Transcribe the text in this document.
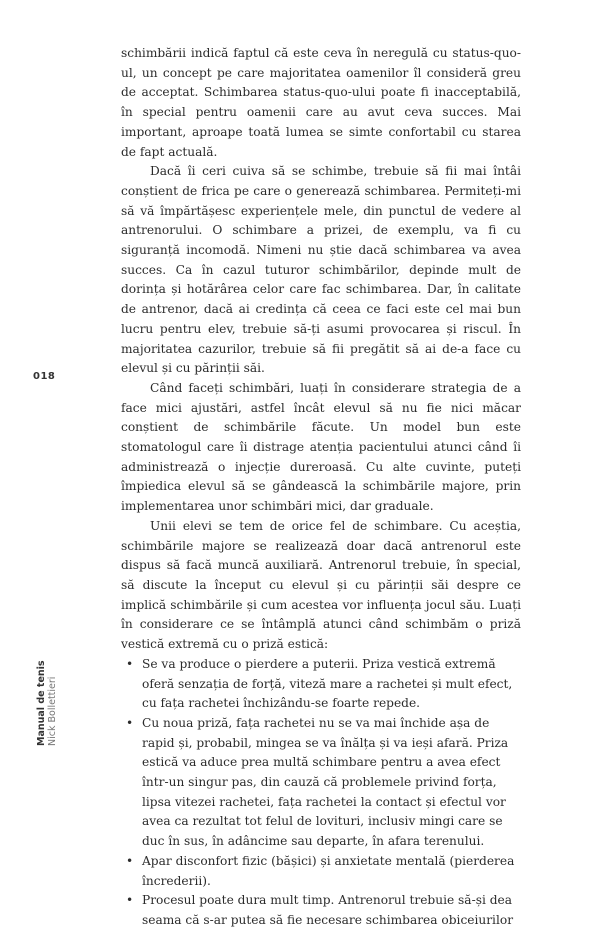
018
Manual de tenis Nick Bollettieri

schimbării indică faptul că este ceva în neregulă cu status-quo-ul, un concept pe care majoritatea oamenilor îl consideră greu de acceptat. Schimbarea status-quo-ului poate fi inacceptabilă, în special pentru oamenii care au avut ceva succes. Mai important, aproape toată lumea se simte confortabil cu starea de fapt actuală.

Dacă îi ceri cuiva să se schimbe, trebuie să fii mai întâi conștient de frica pe care o generează schimbarea. Permiteți-mi să vă împărtășesc experiențele mele, din punctul de vedere al antrenorului. O schimbare a prizei, de exemplu, va fi cu siguranță incomodă. Nimeni nu știe dacă schimbarea va avea succes. Ca în cazul tuturor schimbărilor, depinde mult de dorința și hotărârea celor care fac schimbarea. Dar, în calitate de antrenor, dacă ai credința că ceea ce faci este cel mai bun lucru pentru elev, trebuie să-ți asumi provocarea și riscul. În majoritatea cazurilor, trebuie să fii pregătit să ai de-a face cu elevul și cu părinții săi.

Când faceți schimbări, luați în considerare strategia de a face mici ajustări, astfel încât elevul să nu fie nici măcar conștient de schimbările făcute. Un model bun este stomatologul care îi distrage atenția pacientului atunci când îi administrează o injecție dureroasă. Cu alte cuvinte, puteți împiedica elevul să se gândească la schimbările majore, prin implementarea unor schimbări mici, dar graduale.

Unii elevi se tem de orice fel de schimbare. Cu aceștia, schimbările majore se realizează doar dacă antrenorul este dispus să facă muncă auxiliară. Antrenorul trebuie, în special, să discute la început cu elevul și cu părinții săi despre ce implică schimbările și cum acestea vor influența jocul său. Luați în considerare ce se întâmplă atunci când schimbăm o priză vestică extremă cu o priză estică:

• Se va produce o pierdere a puterii. Priza vestică extremă oferă senzația de forță, viteză mare a rachetei și mult efect, cu fața rachetei închizându-se foarte repede.
• Cu noua priză, fața rachetei nu se va mai închide așa de rapid și, probabil, mingea se va înălța și va ieși afară. Priza estică va aduce prea multă schimbare pentru a avea efect într-un singur pas, din cauză că problemele privind forța, lipsa vitezei rachetei, fața rachetei la contact și efectul vor avea ca rezultat tot felul de lovituri, inclusiv mingi care se duc în sus, în adâncime sau departe, în afara terenului.
• Apar disconfort fizic (bășici) și anxietate mentală (pierderea încrederii).
• Procesul poate dura mult timp. Antrenorul trebuie să-și dea seama că s-ar putea să fie necesare schimbarea obiceiurilor
